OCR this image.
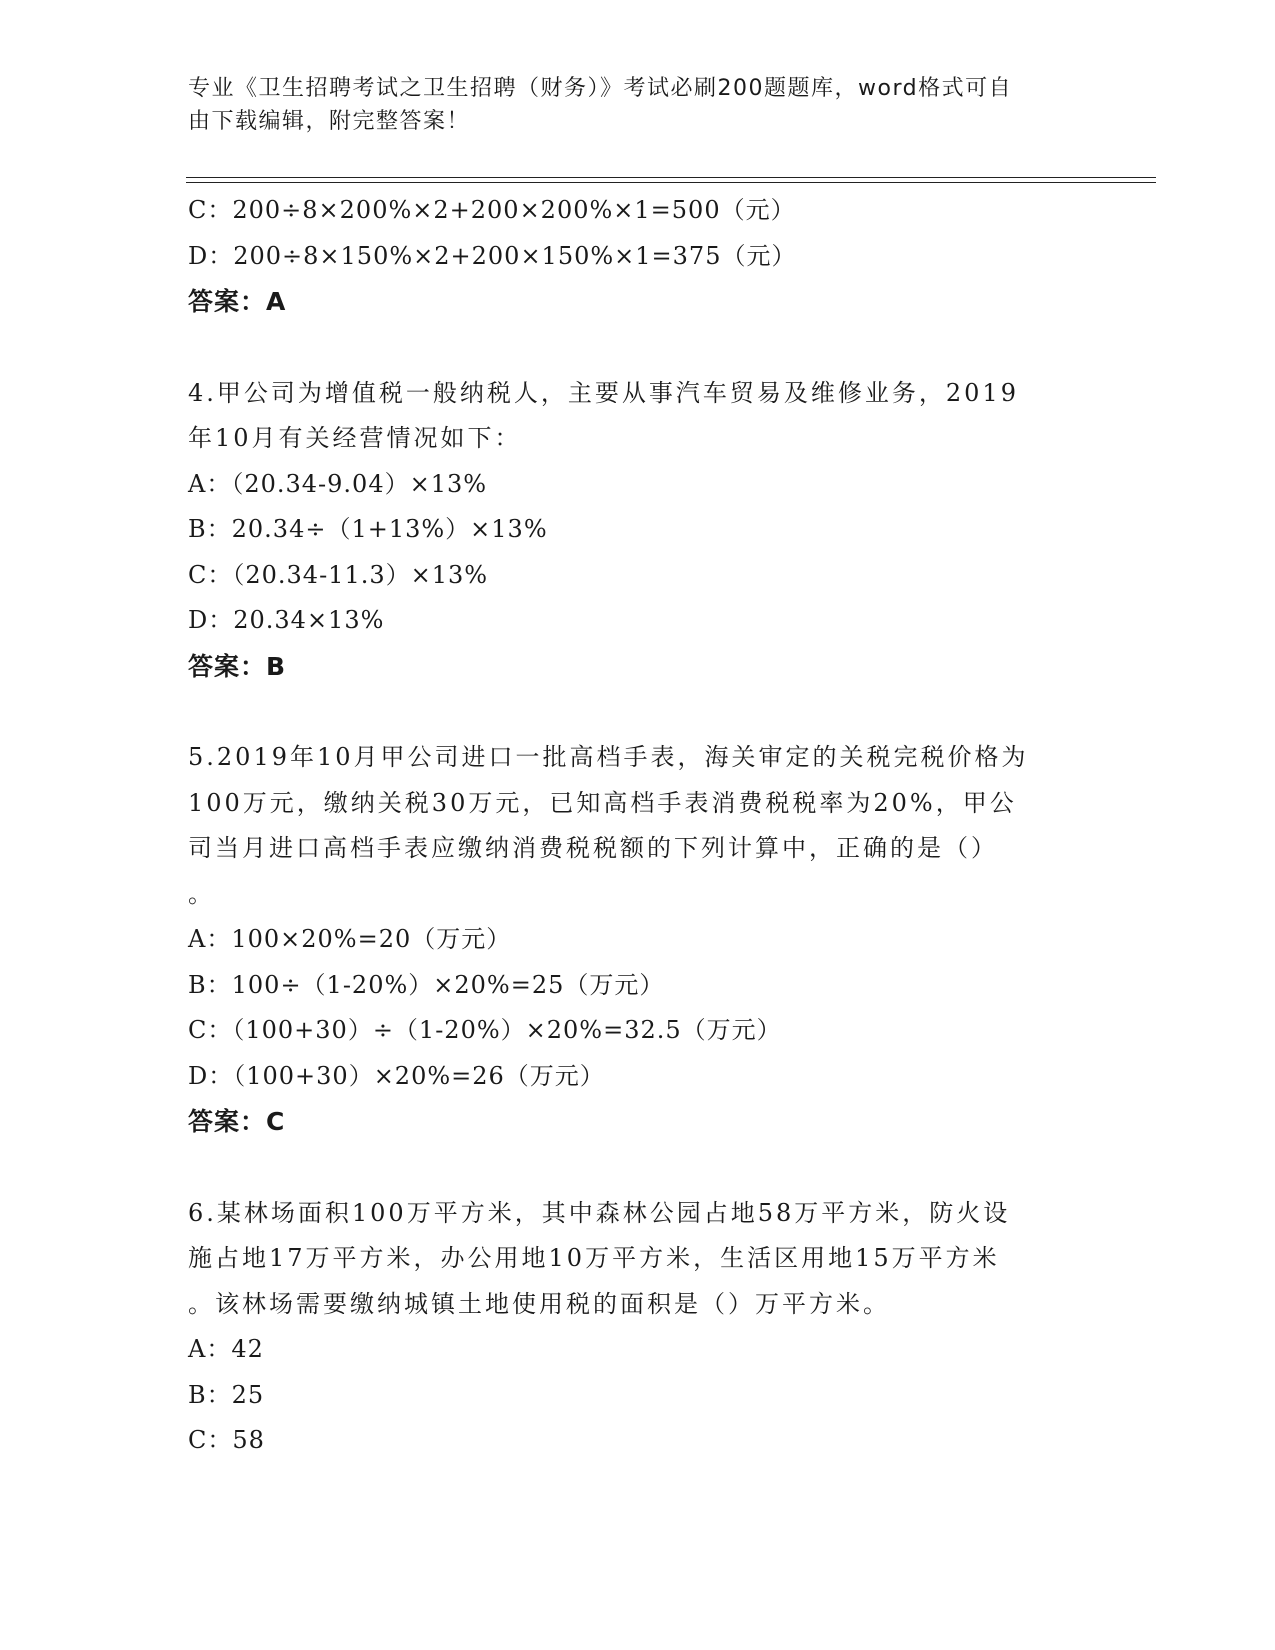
专业《卫生招聘考试之卫生招聘（财务）》考试必刷200题题库，word格式可自
由下载编辑，附完整答案！
C：200÷8×200%×2+200×200%×1=500（元）
D：200÷8×150%×2+200×150%×1=375（元）
答案：A
4.甲公司为增值税一般纳税人，主要从事汽车贸易及维修业务，2019
年10月有关经营情况如下：
A：（20.34-9.04）×13%
B：20.34÷（1+13%）×13%
C：（20.34-11.3）×13%
D：20.34×13%
答案：B
5.2019年10月甲公司进口一批高档手表，海关审定的关税完税价格为
100万元，缴纳关税30万元，已知高档手表消费税税率为20%，甲公
司当月进口高档手表应缴纳消费税税额的下列计算中，正确的是（）
。
A：100×20%=20（万元）
B：100÷（1-20%）×20%=25（万元）
C：（100+30）÷（1-20%）×20%=32.5（万元）
D：（100+30）×20%=26（万元）
答案：C
6.某林场面积100万平方米，其中森林公园占地58万平方米，防火设
施占地17万平方米，办公用地10万平方米，生活区用地15万平方米
。该林场需要缴纳城镇土地使用税的面积是（）万平方米。
A：42
B：25
C：58
